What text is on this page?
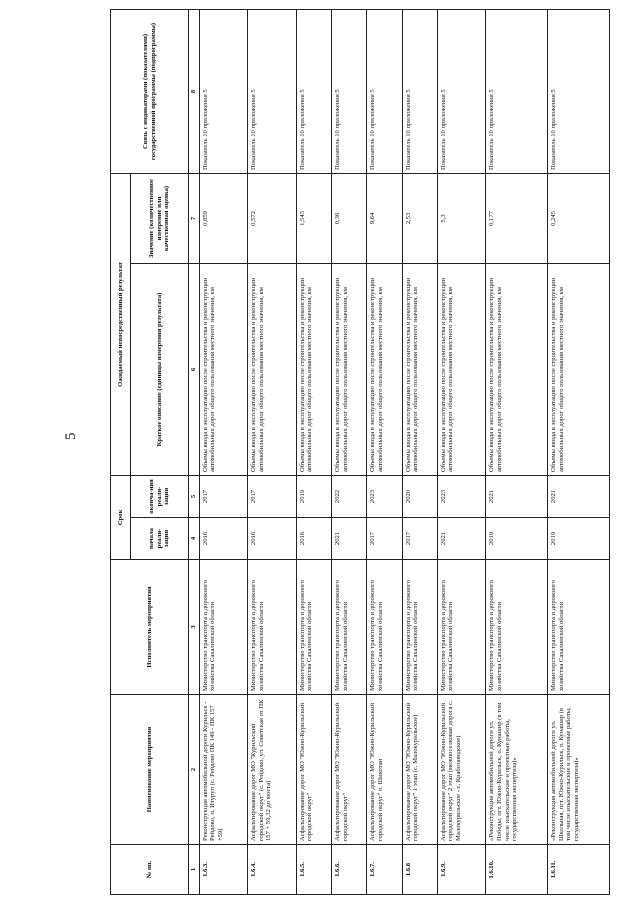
5
№ пп.	Наименование мероприятия	Исполнитель мероприятия	Срок		Ожидаемый непосредственный результат		Связь с индикаторами (показателями) государственной программы (подпрограммы)
			начала реали-зации	оконча-ния реали-зации	Краткое описание (единицы измерения результата)	Значение (количественное измерение или качественная оценка)	
1	2	3	4	5	6	7	8
1.6.3.	Реконструкция автомобильной дороги Курильск - Рейдово, п. Итуруп (с. Рейдово ПК 149 - ПК 157 +59)	Министерство транспорта и дорожного хозяйства Сахалинской области	2016	2017	Объемы ввода в эксплуатацию после строительства и реконструкции автомобильных дорог общего пользования местного значения, км	0,859	Показатель 10 приложения 5
1.6.4.	Асфальтирование дорог МО "Курильский городской округ" (с. Рейдово, ул. Советская от ПК 157 + 59,32 до моста)	Министерство транспорта и дорожного хозяйства Сахалинской области	2016	2017	Объемы ввода в эксплуатацию после строительства и реконструкции автомобильных дорог общего пользования местного значения, км	0,572	Показатель 10 приложения 5
1.6.5.	Асфальтирование дорог МО "Южно-Курильский городской округ"	Министерство транспорта и дорожного хозяйства Сахалинской области	2016	2019	Объемы ввода в эксплуатацию после строительства и реконструкции автомобильных дорог общего пользования местного значения, км	1,543	Показатель 10 приложения 5
1.6.6.	Асфальтирование дорог МО "Южно-Курильский городской округ"	Министерство транспорта и дорожного хозяйства Сахалинской области	2021	2022	Объемы ввода в эксплуатацию после строительства и реконструкции автомобильных дорог общего пользования местного значения, км	0,36	Показатель 10 приложения 5
1.6.7.	Асфальтирование дорог МО "Южно-Курильский городской округ" о. Шикотан	Министерство транспорта и дорожного хозяйства Сахалинской области	2017	2023	Объемы ввода в эксплуатацию после строительства и реконструкции автомобильных дорог общего пользования местного значения, км	9,64	Показатель 10 приложения 5
1.6.8	Асфальтирование дорог МО "Южно-Курильский городской округ" 1 этап (с. Малокурильское)	Министерство транспорта и дорожного хозяйства Сахалинской области	2017	2020	Объемы ввода в эксплуатацию после строительства и реконструкции автомобильных дорог общего пользования местного значения, км	2,53	Показатель 10 приложения 5
1.6.9.	Асфальтирование дорог МО "Южно-Курильский городской округ" 2 этап (межпоселковая дорога с. Малокурильское - с. Крабозаводское)	Министерство транспорта и дорожного хозяйства Сахалинской области	2021	2023	Объемы ввода в эксплуатацию после строительства и реконструкции автомобильных дорог общего пользования местного значения, км	5,3	Показатель 10 приложения 5
1.6.10.	«Реконструкция автомобильной дороги ул. Победы, пгт. Южно-Курильск, о. Кунашир (в том числе изыскательские и проектные работы, государственная экспертиза)»	Министерство транспорта и дорожного хозяйства Сахалинской области	2019	2021	Объемы ввода в эксплуатацию после строительства и реконструкции автомобильных дорог общего пользования местного значения, км	0,177	Показатель 10 приложения 5
1.6.11.	«Реконструкция автомобильной дороги ул. Школьная, пгт. Южно-Курильск, о. Кунашир (в том числе изыскательские и проектные работы, государственная экспертиза)»	Министерство транспорта и дорожного хозяйства Сахалинской области	2019	2021	Объемы ввода в эксплуатацию после строительства и реконструкции автомобильных дорог общего пользования местного значения, км	0,245	Показатель 10 приложения 5
